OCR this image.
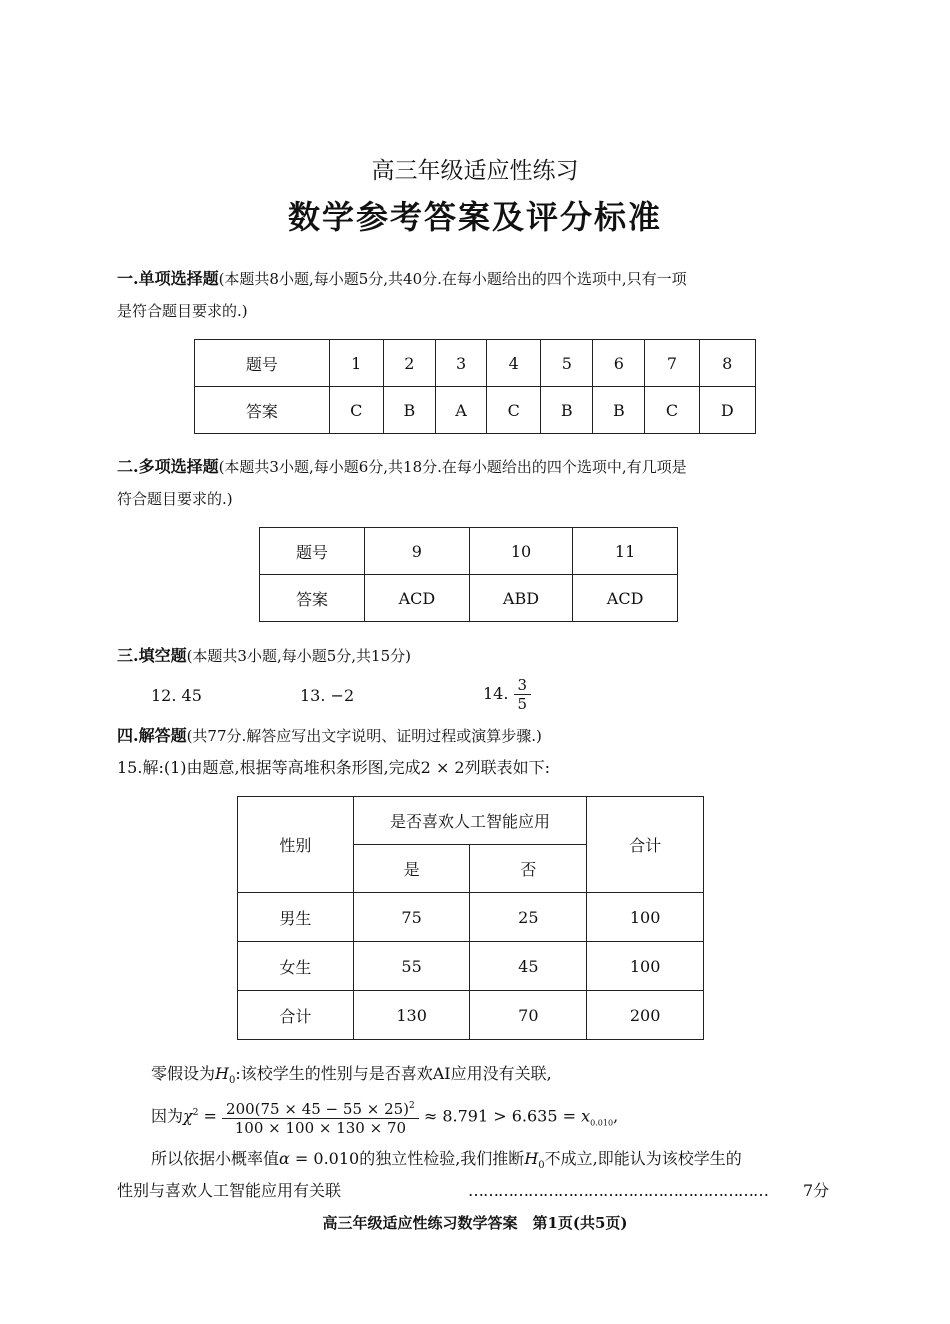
高三年级适应性练习
数学参考答案及评分标准
一.单项选择题(本题共8小题,每小题5分,共40分.在每小题给出的四个选项中,只有一项
是符合题目要求的.)
题号	1	2	3	4	5	6	7	8
答案	C	B	A	C	B	B	C	D
二.多项选择题(本题共3小题,每小题6分,共18分.在每小题给出的四个选项中,有几项是
符合题目要求的.)
题号	9	10	11
答案	ACD	ABD	ACD
三.填空题(本题共3小题,每小题5分,共15分)
12. 45	13. −2	14. $\frac{3}{5}$
四.解答题(共77分.解答应写出文字说明、证明过程或演算步骤.)
15.解:(1)由题意,根据等高堆积条形图,完成2 × 2列联表如下:
性别	是否喜欢人工智能应用		合计
	是	否	
男生	75	25	100
女生	55	45	100
合计	130	70	200
零假设为$H_0$:该校学生的性别与是否喜欢AI应用没有关联,
因为$\chi^2 = \frac{200(75 \times 45 - 55 \times 25)^2}{100 \times 100 \times 130 \times 70} \approx 8.791 > 6.635 = x_{0.010}$,
所以依据小概率值α = 0.010的独立性检验,我们推断$H_0$不成立,即能认为该校学生的
性别与喜欢人工智能应用有关联	…………………………………………………… 7分
高三年级适应性练习数学答案　第1页(共5页)
